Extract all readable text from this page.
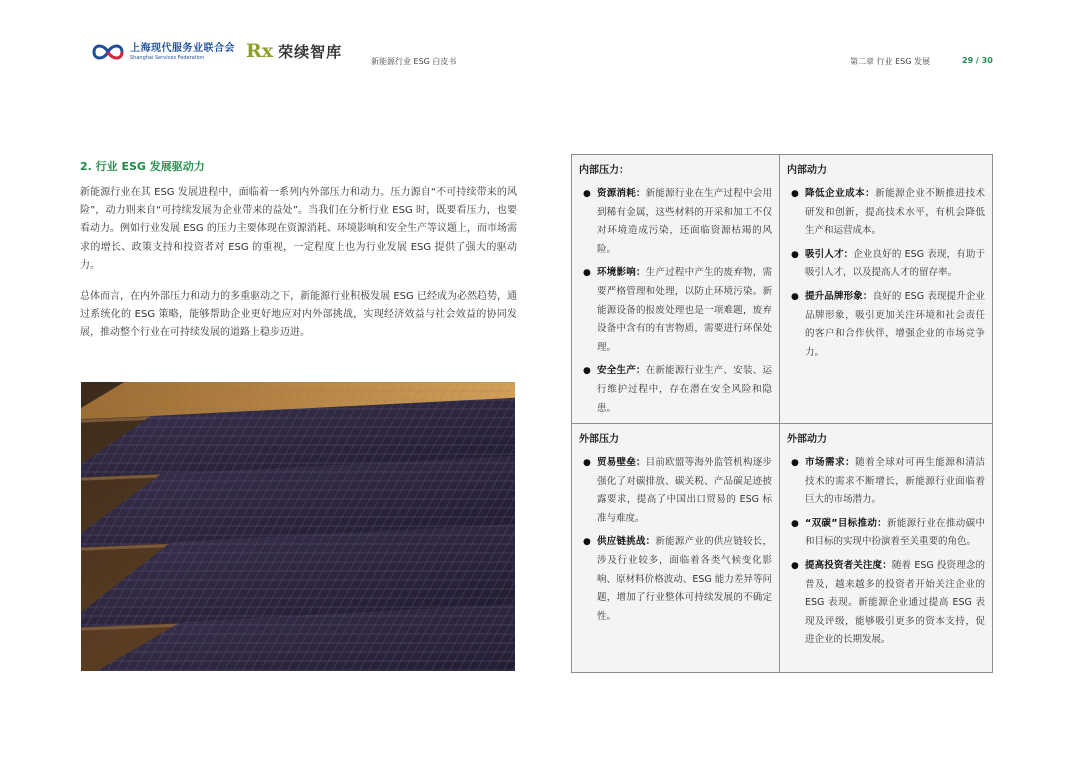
上海现代服务业联合会
Shanghai Services Federation	Rx 荣续智库
新能源行业 ESG 白皮书	第二章 行业 ESG 发展	29 / 30
2. 行业 ESG 发展驱动力
新能源行业在其 ESG 发展进程中，面临着一系列内外部压力和动力。压力源自“不可持续带来的风险”，动力则来自“可持续发展为企业带来的益处”。当我们在分析行业 ESG 时，既要看压力，也要看动力。例如行业发展 ESG 的压力主要体现在资源消耗、环境影响和安全生产等议题上，而市场需求的增长、政策支持和投资者对 ESG 的重视，一定程度上也为行业发展 ESG 提供了强大的驱动力。
总体而言，在内外部压力和动力的多重驱动之下，新能源行业积极发展 ESG 已经成为必然趋势，通过系统化的 ESG 策略，能够帮助企业更好地应对内外部挑战，实现经济效益与社会效益的协同发展，推动整个行业在可持续发展的道路上稳步迈进。
内部压力：
● 资源消耗：新能源行业在生产过程中会用到稀有金属，这些材料的开采和加工不仅对环境造成污染，还面临资源枯竭的风险。
● 环境影响：生产过程中产生的废弃物，需要严格管理和处理，以防止环境污染。新能源设备的报废处理也是一项难题，废弃设备中含有的有害物质，需要进行环保处理。
● 安全生产：在新能源行业生产、安装、运行维护过程中，存在潜在安全风险和隐患。
内部动力
● 降低企业成本：新能源企业不断推进技术研发和创新，提高技术水平，有机会降低生产和运营成本。
● 吸引人才：企业良好的 ESG 表现，有助于吸引人才，以及提高人才的留存率。
● 提升品牌形象：良好的 ESG 表现提升企业品牌形象，吸引更加关注环境和社会责任的客户和合作伙伴，增强企业的市场竞争力。
外部压力
● 贸易壁垒：目前欧盟等海外监管机构逐步强化了对碳排放、碳关税、产品碳足迹披露要求，提高了中国出口贸易的 ESG 标准与难度。
● 供应链挑战：新能源产业的供应链较长，涉及行业较多，面临着各类气候变化影响、原材料价格波动、ESG 能力差异等问题，增加了行业整体可持续发展的不确定性。
外部动力
● 市场需求：随着全球对可再生能源和清洁技术的需求不断增长，新能源行业面临着巨大的市场潜力。
● “双碳”目标推动：新能源行业在推动碳中和目标的实现中扮演着至关重要的角色。
● 提高投资者关注度：随着 ESG 投资理念的普及，越来越多的投资者开始关注企业的 ESG 表现。新能源企业通过提高 ESG 表现及评级，能够吸引更多的资本支持，促进企业的长期发展。
